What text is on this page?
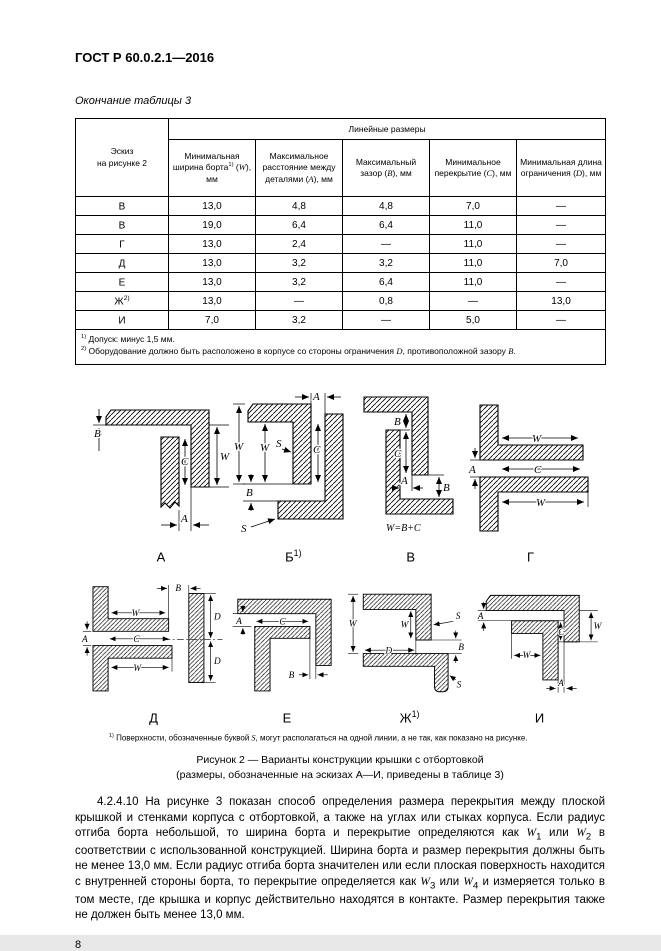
ГОСТ Р 60.0.2.1—2016

Окончание таблицы 3

Эскиз
на рисунке 2	Линейные размеры				
	Минимальная ширина борта$^{1)}$ (W), мм	Максимальное расстояние между деталями (A), мм	Максимальный зазор (B), мм	Минимальное перекрытие (C), мм	Минимальная длина ограничения (D), мм
В	13,0	4,8	4,8	7,0	—
В	19,0	6,4	6,4	11,0	—
Г	13,0	2,4	—	11,0	—
Д	13,0	3,2	3,2	11,0	7,0
Е	13,0	3,2	6,4	11,0	—
$Ж^{2)}$	13,0	—	0,8	—	13,0
И	7,0	3,2	—	5,0	—

$^{1)}$ Допуск: минус 1,5 мм.
$^{2)}$ Оборудование должно быть расположено в корпусе со стороны ограничения D, противоположной зазору В.					
B
C	W
A
А
A
W W S	C
B
S
$Б^{1)}$
B
C
A
B
W=B+C
В
W
A	C
W
Г
W
A	C
W
B
D
D
Д
A	C
B
Е
W
S
W
D	B
S
$Ж^{1)}$
A
W
C
W
A
И
$^{1)}$ Поверхности, обозначенные буквой S, могут располагаться на одной линии, а не так, как показано на рисунке.
Рисунок 2 — Варианты конструкции крышки с отбортовкой
(размеры, обозначенные на эскизах А—И, приведены в таблице 3)

4.2.4.10 На рисунке 3 показан способ определения размера перекрытия между плоской крышкой и стенками корпуса с отбортовкой, а также на углах или стыках корпуса. Если радиус отгиба борта небольшой, то ширина борта и перекрытие определяются как $W_1$ или $W_2$ в соответствии с использованной конструкцией. Ширина борта и размер перекрытия должны быть не менее 13,0 мм. Если радиус отгиба борта значителен или если плоская поверхность находится с внутренней стороны борта, то перекрытие определяется как $W_3$ или $W_4$ и измеряется только в том месте, где крышка и корпус действительно находятся в контакте. Размер перекрытия также не должен быть менее 13,0 мм.

8
